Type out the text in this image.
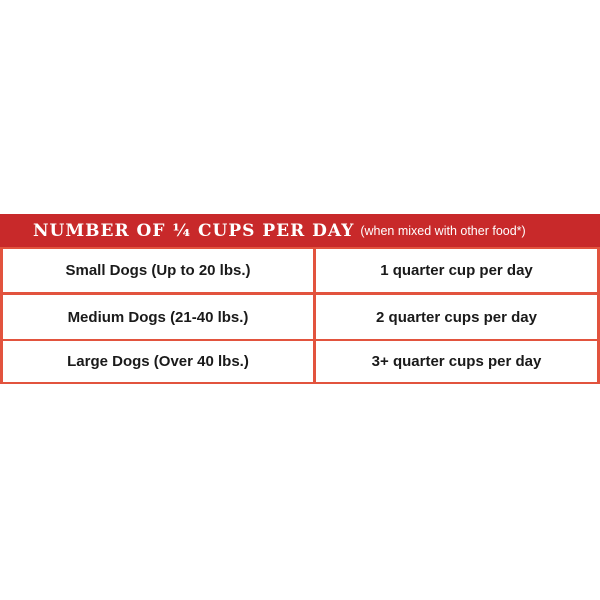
NUMBER OF ¼ CUPS PER DAY (when mixed with other food*)
Small Dogs (Up to 20 lbs.)	1 quarter cup per day
Medium Dogs (21-40 lbs.)	2 quarter cups per day
Large Dogs (Over 40 lbs.)	3+ quarter cups per day
